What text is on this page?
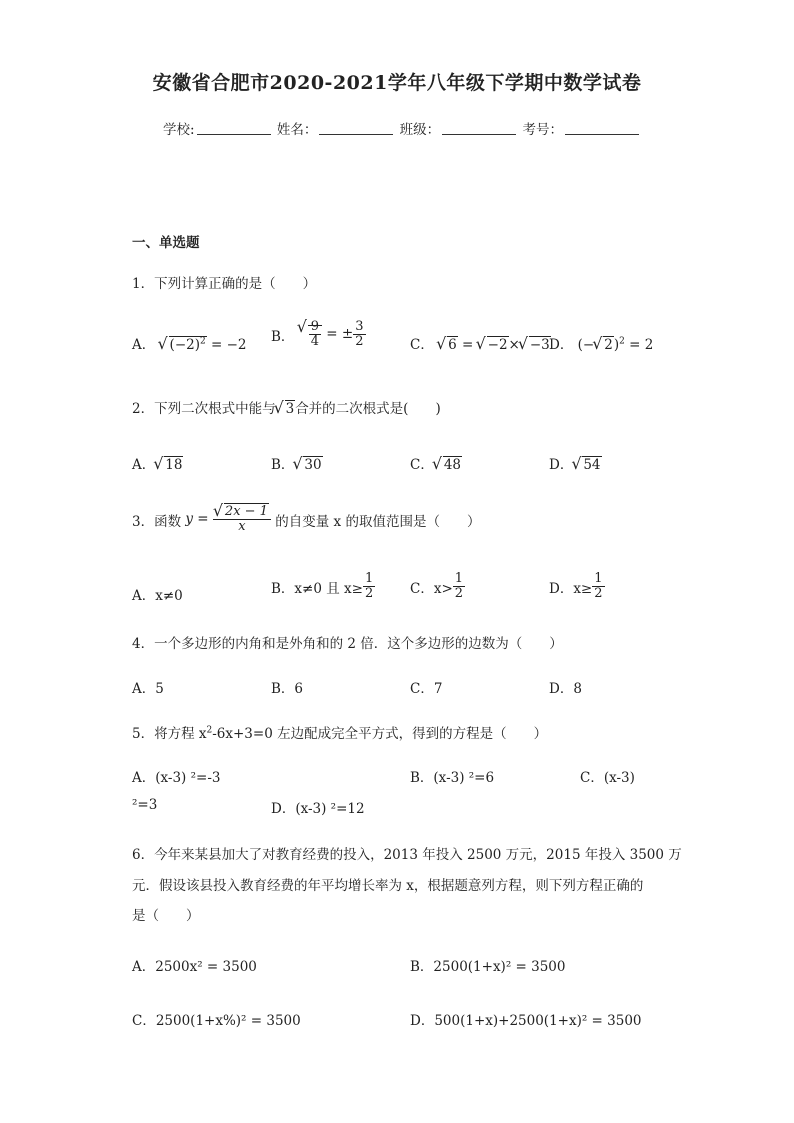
安徽省合肥市2020-2021学年八年级下学期中数学试卷
学校:	姓名：	班级：	考号：
一、单选题
1．下列计算正确的是（　　）
A． √ $(-2)^2 = -2$
B． √ $\frac{9}{4}$ = ± $\frac{3}{2}$	C． √ 6 = √ −2× √ −3 D． (− √ 2)$^2$ = 2
2．下列二次根式中能与 √ 3合并的二次根式是(　　)
A． √ 18	B． √ 30	C． √ 48	D． √ 54
3．函数 y = √ $\frac{2x - 1}{x}$ 的自变量 x 的取值范围是（　　）
A．x≠0	B．x≠0 且 $x\ge \frac{1}{2}$	C．$x> \frac{1}{2}$	D．$x\ge \frac{1}{2}$
4．一个多边形的内角和是外角和的 2 倍．这个多边形的边数为（　　）
A．5	B．6	C．7	D．8
5．将方程 $x^2-6x+3=0$ 左边配成完全平方式，得到的方程是（　　）
A．(x-3) ²=-3	B．(x-3) ²=6	C．(x-3)
²=3	D．(x-3) ²=12
6．今年来某县加大了对教育经费的投入，2013 年投入 2500 万元，2015 年投入 3500 万
元．假设该县投入教育经费的年平均增长率为 x，根据题意列方程，则下列方程正确的
是（　　）
A．2500x² = 3500	B．2500(1+x)² = 3500
C．2500(1+x%)² = 3500	D．500(1+x)+2500(1+x)² = 3500
